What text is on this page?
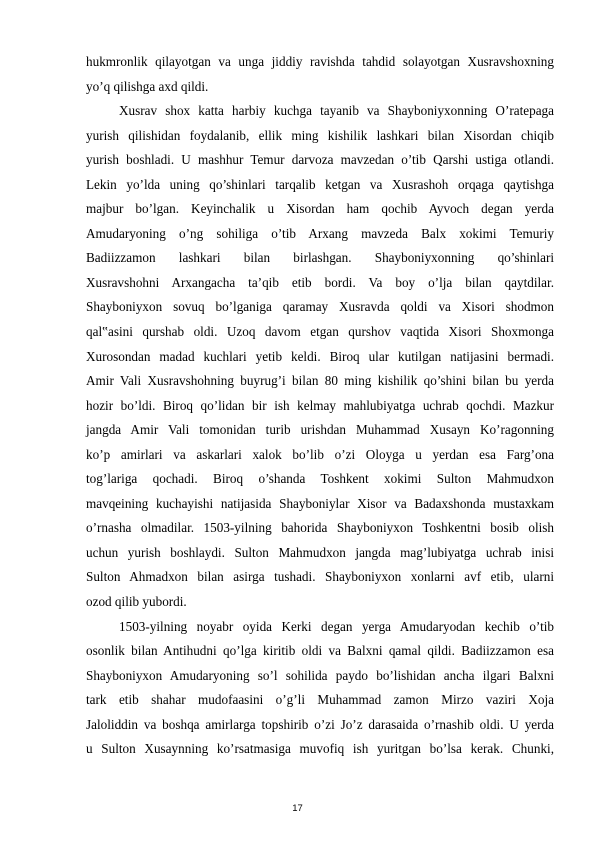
hukmronlik qilayotgan va unga jiddiy ravishda tahdid solayotgan Xusravshoxning
yo’q qilishga axd qildi.
Xusrav shox katta harbiy kuchga tayanib va Shayboniyxonning O’ratepaga
yurish qilishidan foydalanib, ellik ming kishilik lashkari bilan Xisordan chiqib
yurish boshladi. U mashhur Temur darvoza mavzedan o’tib Qarshi ustiga otlandi.
Lekin yo’lda uning qo’shinlari tarqalib ketgan va Xusrashoh orqaga qaytishga
majbur bo’lgan. Keyinchalik u Xisordan ham qochib Ayvoch degan yerda
Amudaryoning o’ng sohiliga o’tib Arxang mavzeda Balx xokimi Temuriy
Badiizzamon lashkari bilan birlashgan. Shayboniyxonning qo’shinlari
Xusravshohni Arxangacha ta’qib etib bordi. Va boy o’lja bilan qaytdilar.
Shayboniyxon sovuq bo’lganiga qaramay Xusravda qoldi va Xisori shodmon
qal‟asini qurshab oldi. Uzoq davom etgan qurshov vaqtida Xisori Shoxmonga
Xurosondan madad kuchlari yetib keldi. Biroq ular kutilgan natijasini bermadi.
Amir Vali Xusravshohning buyrug’i bilan 80 ming kishilik qo’shini bilan bu yerda
hozir bo’ldi. Biroq qo’lidan bir ish kelmay mahlubiyatga uchrab qochdi. Mazkur
jangda Amir Vali tomonidan turib urishdan Muhammad Xusayn Ko’ragonning
ko’p amirlari va askarlari xalok bo’lib o’zi Oloyga u yerdan esa Farg’ona
tog’lariga qochadi. Biroq o’shanda Toshkent xokimi Sulton Mahmudxon
mavqeining kuchayishi natijasida Shayboniylar Xisor va Badaxshonda mustaxkam
o’rnasha olmadilar. 1503-yilning bahorida Shayboniyxon Toshkentni bosib olish
uchun yurish boshlaydi. Sulton Mahmudxon jangda mag’lubiyatga uchrab inisi
Sulton Ahmadxon bilan asirga tushadi. Shayboniyxon xonlarni avf etib, ularni
ozod qilib yubordi.
1503-yilning noyabr oyida Kerki degan yerga Amudaryodan kechib o’tib
osonlik bilan Antihudni qo’lga kiritib oldi va Balxni qamal qildi. Badiizzamon esa
Shayboniyxon Amudaryoning so’l sohilida paydo bo’lishidan ancha ilgari Balxni
tark etib shahar mudofaasini o’g’li Muhammad zamon Mirzo vaziri Xoja
Jaloliddin va boshqa amirlarga topshirib o’zi Jo’z darasaida o’rnashib oldi. U yerda
u Sulton Xusaynning ko’rsatmasiga muvofiq ish yuritgan bo’lsa kerak. Chunki,
17
